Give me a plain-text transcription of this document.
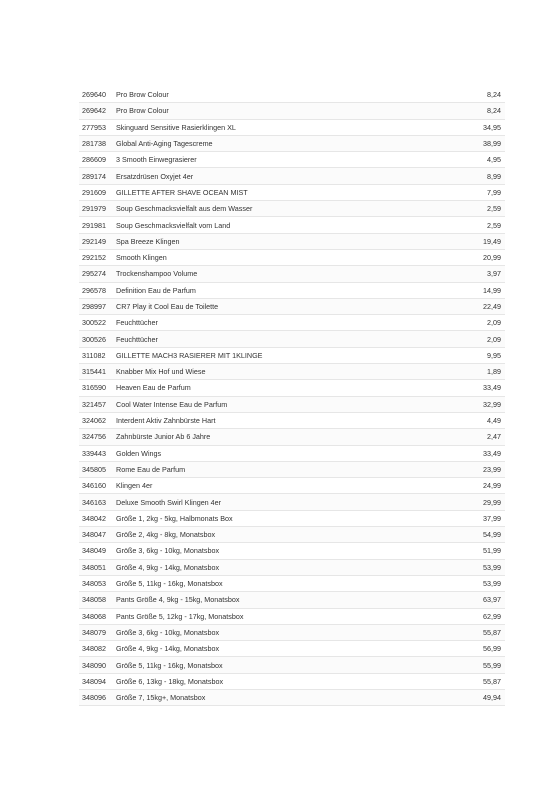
269640	Pro Brow Colour	8,24
269642	Pro Brow Colour	8,24
277953	Skinguard Sensitive Rasierklingen XL	34,95
281738	Global Anti-Aging Tagescreme	38,99
286609	3 Smooth Einwegrasierer	4,95
289174	Ersatzdrüsen Oxyjet 4er	8,99
291609	GILLETTE AFTER SHAVE OCEAN MIST	7,99
291979	Soup Geschmacksvielfalt aus dem Wasser	2,59
291981	Soup Geschmacksvielfalt vom Land	2,59
292149	Spa Breeze Klingen	19,49
292152	Smooth Klingen	20,99
295274	Trockenshampoo Volume	3,97
296578	Definition Eau de Parfum	14,99
298997	CR7 Play it Cool Eau de Toilette	22,49
300522	Feuchttücher	2,09
300526	Feuchttücher	2,09
311082	GILLETTE MACH3 RASIERER MIT 1KLINGE	9,95
315441	Knabber Mix Hof und Wiese	1,89
316590	Heaven Eau de Parfum	33,49
321457	Cool Water Intense Eau de Parfum	32,99
324062	Interdent Aktiv Zahnbürste Hart	4,49
324756	Zahnbürste Junior Ab 6 Jahre	2,47
339443	Golden Wings	33,49
345805	Rome Eau de Parfum	23,99
346160	Klingen 4er	24,99
346163	Deluxe Smooth Swirl Klingen 4er	29,99
348042	Größe 1, 2kg - 5kg, Halbmonats Box	37,99
348047	Größe 2, 4kg - 8kg, Monatsbox	54,99
348049	Größe 3, 6kg - 10kg, Monatsbox	51,99
348051	Größe 4, 9kg - 14kg, Monatsbox	53,99
348053	Größe 5, 11kg - 16kg, Monatsbox	53,99
348058	Pants Größe 4, 9kg - 15kg, Monatsbox	63,97
348068	Pants Größe 5, 12kg - 17kg, Monatsbox	62,99
348079	Größe 3, 6kg - 10kg, Monatsbox	55,87
348082	Größe 4, 9kg - 14kg, Monatsbox	56,99
348090	Größe 5, 11kg - 16kg, Monatsbox	55,99
348094	Größe 6, 13kg - 18kg, Monatsbox	55,87
348096	Größe 7, 15kg+, Monatsbox	49,94
